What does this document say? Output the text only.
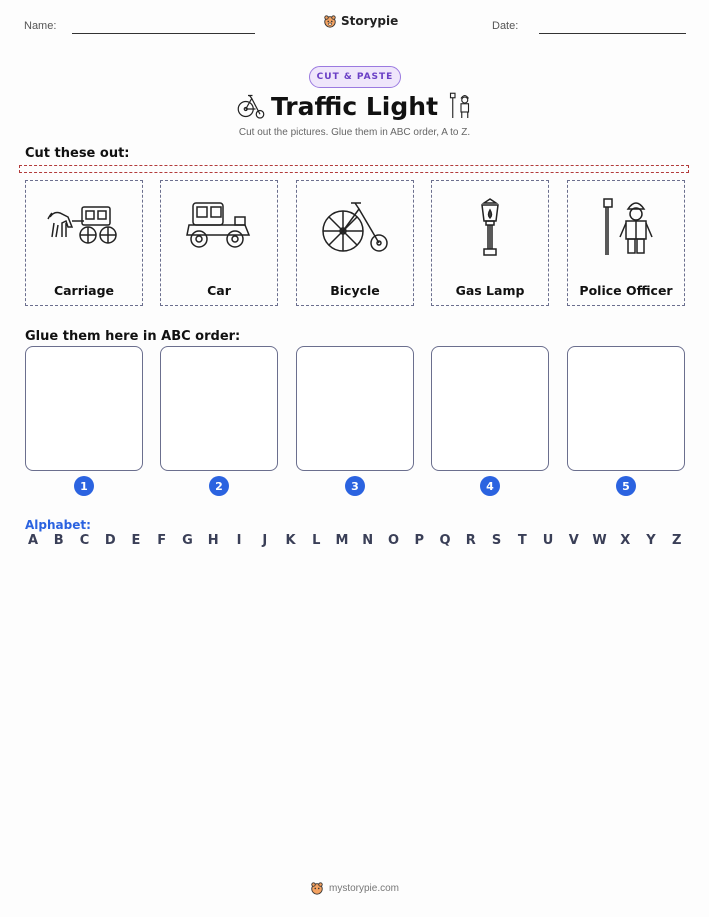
Name:	Storypie	Date:
CUT & PASTE
Traffic Light
Cut out the pictures. Glue them in ABC order, A to Z.
Cut these out:
Carriage	Car	Bicycle	Gas Lamp	Police Officer
Glue them here in ABC order:
1	2	3	4	5
Alphabet:
A B C D E F G H	I	J	K L M N O P Q R S T U V W X Y Z
mystorypie.com
